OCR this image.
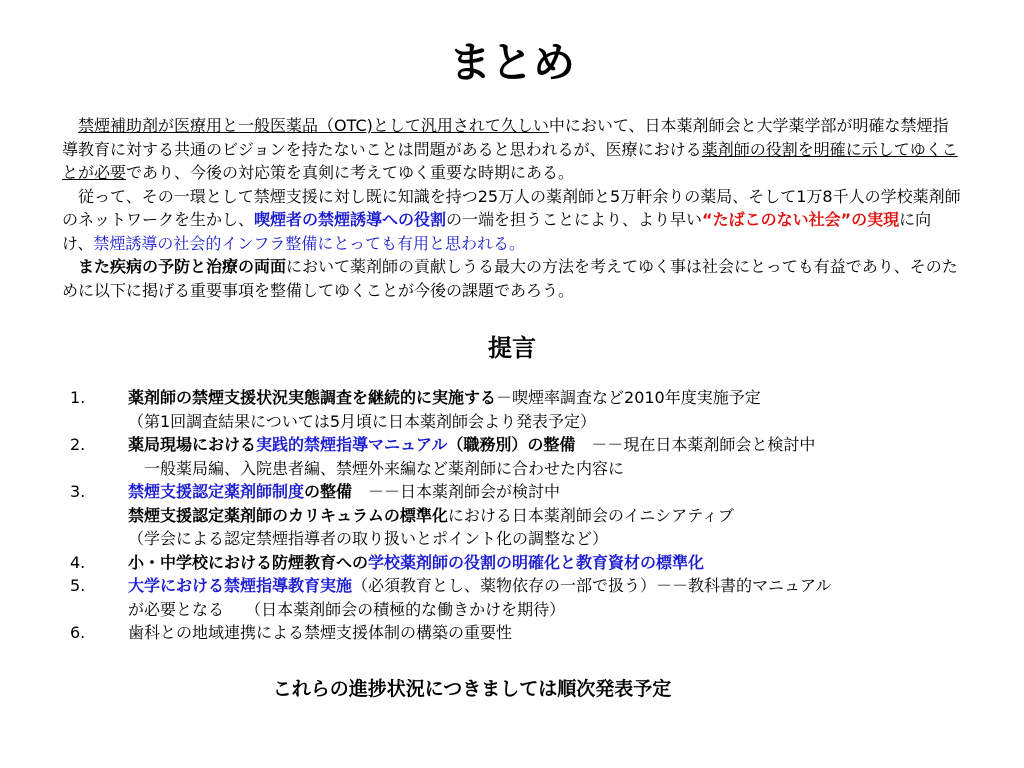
まとめ

　禁煙補助剤が医療用と一般医薬品（OTC)として汎用されて久しい中において、日本薬剤師会と大学薬学部が明確な禁煙指導教育に対する共通のビジョンを持たないことは問題があると思われるが、医療における薬剤師の役割を明確に示してゆくことが必要であり、今後の対応策を真剣に考えてゆく重要な時期にある。

　従って、その一環として禁煙支援に対し既に知識を持つ25万人の薬剤師と5万軒余りの薬局、そして1万8千人の学校薬剤師のネットワークを生かし、喫煙者の禁煙誘導への役割の一端を担うことにより、より早い“たばこのない社会”の実現に向け、禁煙誘導の社会的インフラ整備にとっても有用と思われる。

　また疾病の予防と治療の両面において薬剤師の貢献しうる最大の方法を考えてゆく事は社会にとっても有益であり、そのために以下に掲げる重要事項を整備してゆくことが今後の課題であろう。

提言
1.	薬剤師の禁煙支援状況実態調査を継続的に実施する－喫煙率調査など2010年度実施予定
（第1回調査結果については5月頃に日本薬剤師会より発表予定）
2.	薬局現場における実践的禁煙指導マニュアル（職務別）の整備　－－現在日本薬剤師会と検討中
　一般薬局編、入院患者編、禁煙外来編など薬剤師に合わせた内容に
3.	禁煙支援認定薬剤師制度の整備　－－日本薬剤師会が検討中
禁煙支援認定薬剤師のカリキュラムの標準化における日本薬剤師会のイニシアティブ
（学会による認定禁煙指導者の取り扱いとポイント化の調整など）
4.	小・中学校における防煙教育への学校薬剤師の役割の明確化と教育資材の標準化
5.	大学における禁煙指導教育実施（必須教育とし、薬物依存の一部で扱う）－－教科書的マニュアル
が必要となる　 （日本薬剤師会の積極的な働きかけを期待）
6.	歯科との地域連携による禁煙支援体制の構築の重要性
これらの進捗状況につきましては順次発表予定
